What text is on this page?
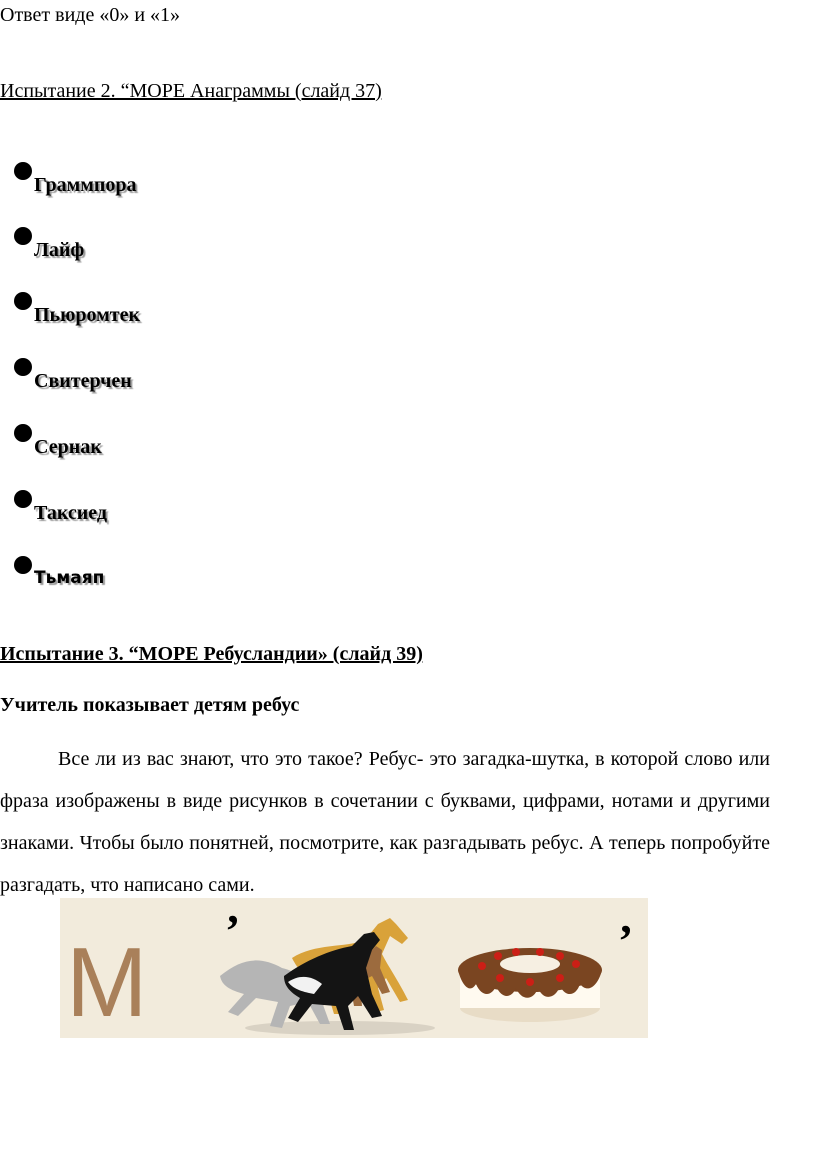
Ответ виде «0» и «1»
Испытание 2. “МОРЕ Анаграммы (слайд 37)
Граммпора
Лайф
Пьюромтек
Свитерчен
Сернак
Таксиед
Тьмаяп
Испытание 3. “МОРЕ Ребусландии» (слайд 39)
Учитель показывает детям ребус
Все ли из вас знают, что это такое? Ребус- это загадка-шутка, в которой слово или фраза изображены в виде рисунков в сочетании с буквами, цифрами, нотами и другими знаками. Чтобы было понятней, посмотрите, как разгадывать ребус. А теперь попробуйте разгадать, что написано сами.
М ’	’
